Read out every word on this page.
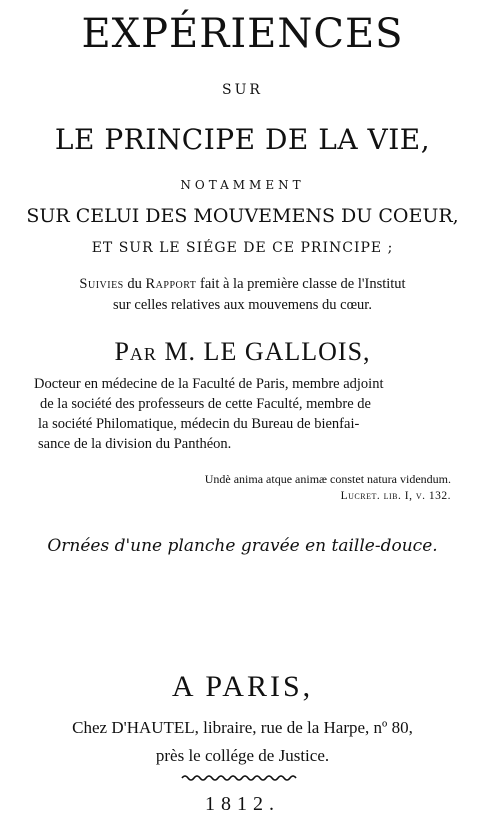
EXPÉRIENCES
SUR
LE PRINCIPE DE LA VIE,
NOTAMMENT
SUR CELUI DES MOUVEMENS DU COEUR,
ET SUR LE SIÉGE DE CE PRINCIPE ;
Suivies du Rapport fait à la première classe de l'Institut
sur celles relatives aux mouvemens du cœur.
Par M. LE GALLOIS,
Docteur en médecine de la Faculté de Paris, membre adjoint
de la société des professeurs de cette Faculté, membre de
la société Philomatique, médecin du Bureau de bienfai-
sance de la division du Panthéon.
Undè anima atque animæ constet natura videndum.
Lucret. lib. I, v. 132.
Ornées d'une planche gravée en taille-douce.
A PARIS,
Chez D'HAUTEL, libraire, rue de la Harpe, nº 80,
près le collége de Justice.
1812.
